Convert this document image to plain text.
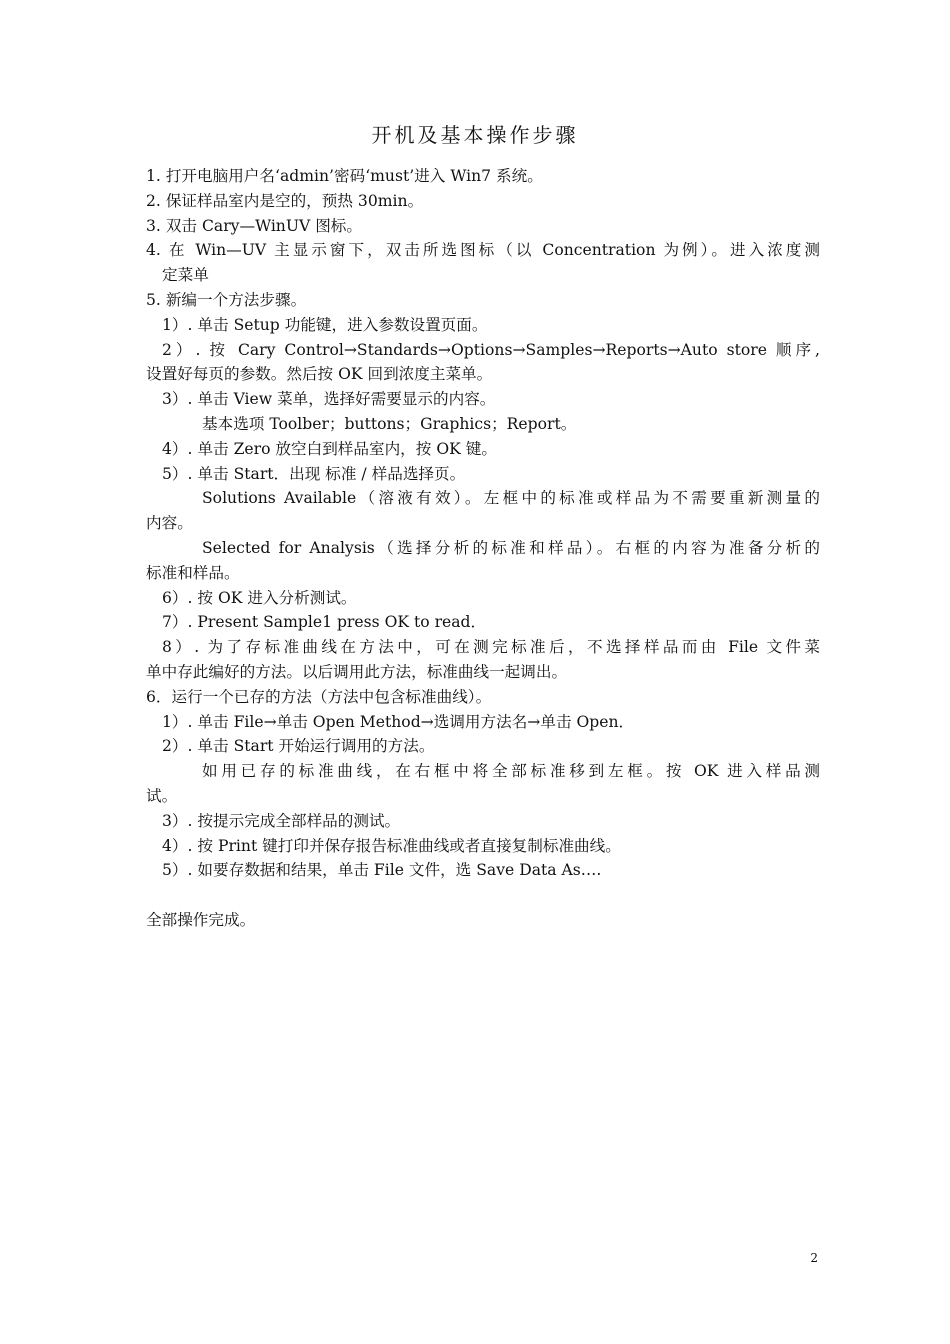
开机及基本操作步骤
1. 打开电脑用户名‘admin’密码‘must’进入 Win7 系统。
2. 保证样品室内是空的，预热 30min。
3. 双击 Cary—WinUV 图标。
4. 在 Win—UV 主显示窗下，双击所选图标（以 Concentration 为例）。进入浓度测
定菜单
5. 新编一个方法步骤。
1）. 单击 Setup 功能键，进入参数设置页面。
2）. 按 Cary Control→Standards→Options→Samples→Reports→Auto store 顺序,
设置好每页的参数。然后按 OK 回到浓度主菜单。
3）. 单击 View 菜单，选择好需要显示的内容。
基本选项 Toolber；buttons；Graphics；Report。
4）. 单击 Zero 放空白到样品室内，按 OK 键。
5）. 单击 Start．出现 标准 / 样品选择页。
Solutions Available（溶液有效）。左框中的标准或样品为不需要重新测量的
内容。
Selected for Analysis（选择分析的标准和样品）。右框的内容为准备分析的
标准和样品。
6）. 按 OK 进入分析测试。
7）. Present Sample1 press OK to read．
8）. 为了存标准曲线在方法中，可在测完标准后，不选择样品而由 File 文件菜
单中存此编好的方法。以后调用此方法，标准曲线一起调出。
6．运行一个已存的方法（方法中包含标准曲线）。
1）. 单击 File→单击 Open Method→选调用方法名→单击 Open．
2）. 单击 Start 开始运行调用的方法。
如用已存的标准曲线，在右框中将全部标准移到左框。按 OK 进入样品测
试。
3）. 按提示完成全部样品的测试。
4）. 按 Print 键打印并保存报告标准曲线或者直接复制标准曲线。
5）. 如要存数据和结果，单击 File 文件，选 Save Data As….
全部操作完成。
2
